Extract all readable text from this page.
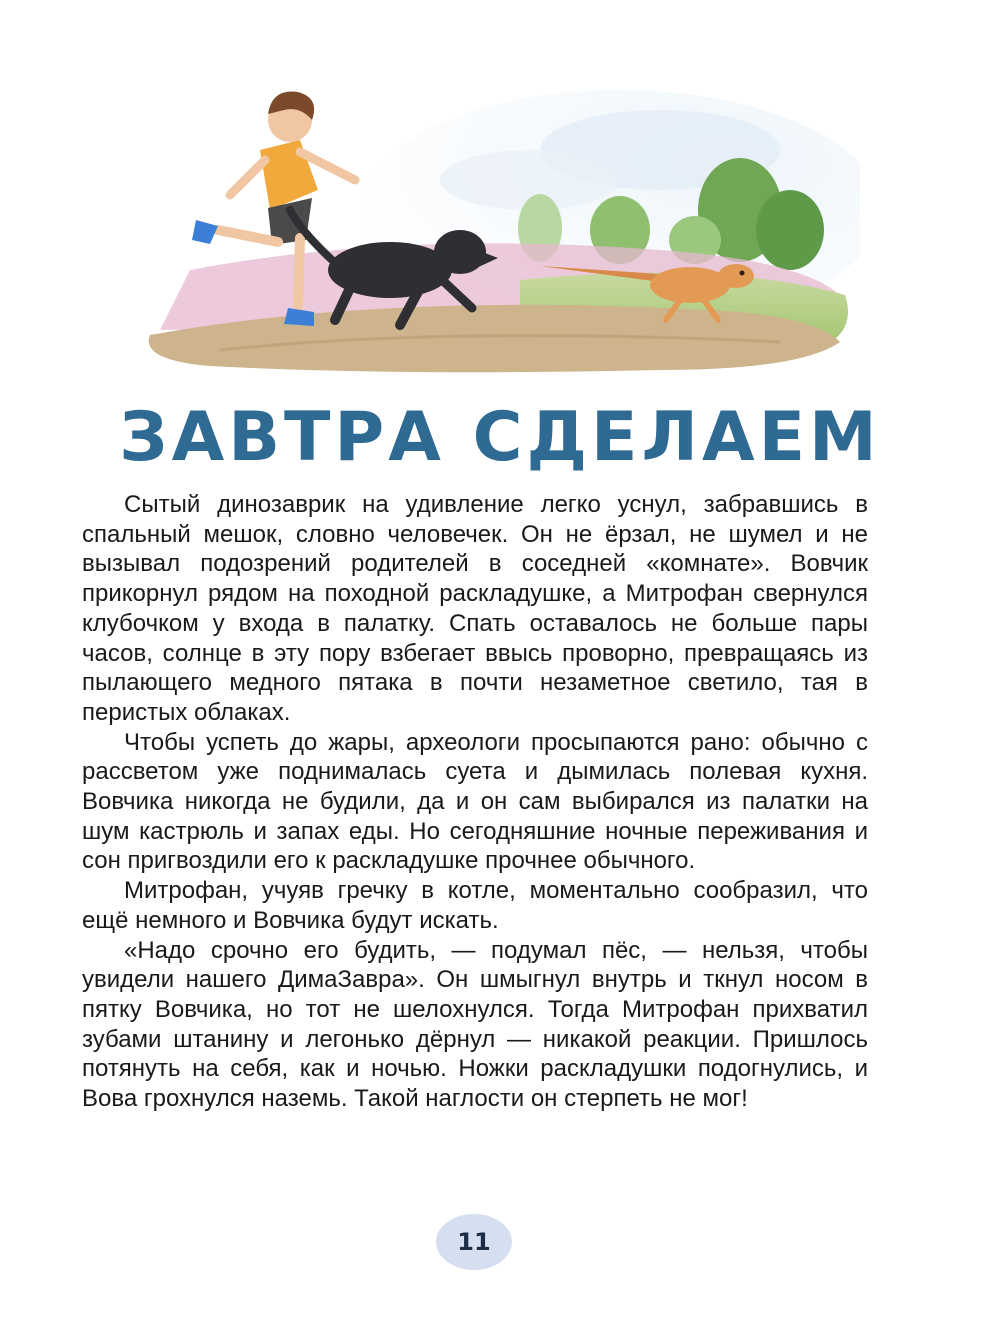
ЗАВТРА СДЕЛАЕМ

Сытый динозаврик на удивление легко уснул, забравшись в спальный мешок, словно человечек. Он не ёрзал, не шумел и не вызывал подозрений родителей в соседней «комнате». Вовчик прикорнул рядом на походной раскладушке, а Митрофан свернулся клубочком у входа в палатку. Спать оставалось не больше пары часов, солнце в эту пору взбегает ввысь проворно, превращаясь из пылающего медного пятака в почти незаметное светило, тая в перистых облаках.

Чтобы успеть до жары, археологи просыпаются рано: обычно с рассветом уже поднималась суета и дымилась полевая кухня. Вовчика никогда не будили, да и он сам выбирался из палатки на шум кастрюль и запах еды. Но сегодняшние ночные переживания и сон пригвоздили его к раскладушке прочнее обычного.

Митрофан, учуяв гречку в котле, моментально сообразил, что ещё немного и Вовчика будут искать.

«Надо срочно его будить, — подумал пёс, — нельзя, чтобы увидели нашего ДимаЗавра». Он шмыгнул внутрь и ткнул носом в пятку Вовчика, но тот не шелохнулся. Тогда Митрофан прихватил зубами штанину и легонько дёрнул — никакой реакции. Пришлось потянуть на себя, как и ночью. Ножки раскладушки подогнулись, и Вова грохнулся наземь. Такой наглости он стерпеть не мог!

11
